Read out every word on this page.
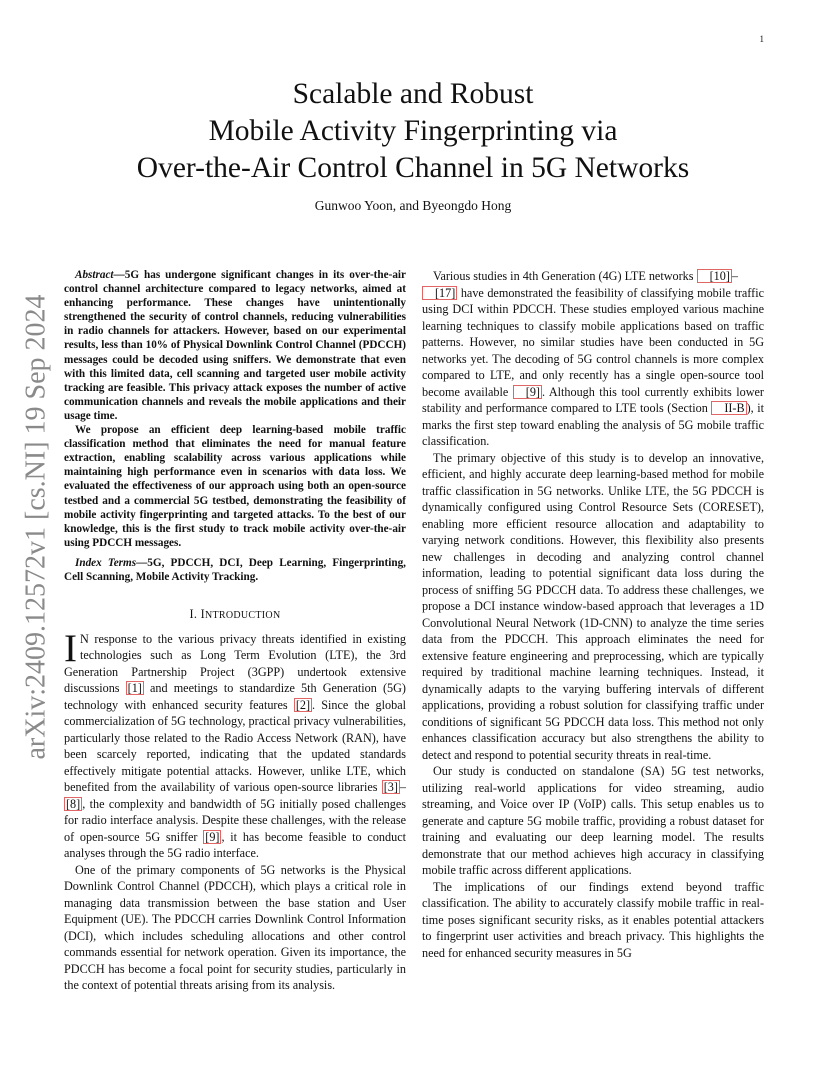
1
arXiv:2409.12572v1 [cs.NI] 19 Sep 2024
Scalable and Robust
Mobile Activity Fingerprinting via
Over-the-Air Control Channel in 5G Networks
Gunwoo Yoon, and Byeongdo Hong

Abstract—5G has undergone significant changes in its over-the-air control channel architecture compared to legacy networks, aimed at enhancing performance. These changes have unintentionally strengthened the security of control channels, reducing vulnerabilities in radio channels for attackers. However, based on our experimental results, less than 10% of Physical Downlink Control Channel (PDCCH) messages could be decoded using sniffers. We demonstrate that even with this limited data, cell scanning and targeted user mobile activity tracking are feasible. This privacy attack exposes the number of active communication channels and reveals the mobile applications and their usage time.

We propose an efficient deep learning-based mobile traffic classification method that eliminates the need for manual feature extraction, enabling scalability across various applications while maintaining high performance even in scenarios with data loss. We evaluated the effectiveness of our approach using both an open-source testbed and a commercial 5G testbed, demonstrating the feasibility of mobile activity fingerprinting and targeted attacks. To the best of our knowledge, this is the first study to track mobile activity over-the-air using PDCCH messages.

Index Terms—5G, PDCCH, DCI, Deep Learning, Fingerprinting, Cell Scanning, Mobile Activity Tracking.

I. INTRODUCTION

I N response to the various privacy threats identified in existing technologies such as Long Term Evolution (LTE), the 3rd Generation Partnership Project (3GPP) undertook extensive discussions [1] and meetings to standardize 5th Generation (5G) technology with enhanced security features [2] . Since the global commercialization of 5G technology, practical privacy vulnerabilities, particularly those related to the Radio Access Network (RAN), have been scarcely reported, indicating that the updated standards effectively mitigate potential attacks. However, unlike LTE, which benefited from the availability of various open-source libraries [3] –[8] , the complexity and bandwidth of 5G initially posed challenges for radio interface analysis. Despite these challenges, with the release of open-source 5G sniffer [9] , it has become feasible to conduct analyses through the 5G radio interface.

One of the primary components of 5G networks is the Physical Downlink Control Channel (PDCCH), which plays a critical role in managing data transmission between the base station and User Equipment (UE). The PDCCH carries Downlink Control Information (DCI), which includes scheduling allocations and other control commands essential for network operation. Given its importance, the PDCCH has become a focal point for security studies, particularly in the context of potential threats arising from its analysis.

Various studies in 4th Generation (4G) LTE networks [10] –
[17] have demonstrated the feasibility of classifying mobile traffic using DCI within PDCCH. These studies employed various machine learning techniques to classify mobile applications based on traffic patterns. However, no similar studies have been conducted in 5G networks yet. The decoding of 5G control channels is more complex compared to LTE, and only recently has a single open-source tool become available [9] . Although this tool currently exhibits lower stability and performance compared to LTE tools (Section II-B ), it marks the first step toward enabling the analysis of 5G mobile traffic classification.

The primary objective of this study is to develop an innovative, efficient, and highly accurate deep learning-based method for mobile traffic classification in 5G networks. Unlike LTE, the 5G PDCCH is dynamically configured using Control Resource Sets (CORESET), enabling more efficient resource allocation and adaptability to varying network conditions. However, this flexibility also presents new challenges in decoding and analyzing control channel information, leading to potential significant data loss during the process of sniffing 5G PDCCH data. To address these challenges, we propose a DCI instance window-based approach that leverages a 1D Convolutional Neural Network (1D-CNN) to analyze the time series data from the PDCCH. This approach eliminates the need for extensive feature engineering and preprocessing, which are typically required by traditional machine learning techniques. Instead, it dynamically adapts to the varying buffering intervals of different applications, providing a robust solution for classifying traffic under conditions of significant 5G PDCCH data loss. This method not only enhances classification accuracy but also strengthens the ability to detect and respond to potential security threats in real-time.

Our study is conducted on standalone (SA) 5G test networks, utilizing real-world applications for video streaming, audio streaming, and Voice over IP (VoIP) calls. This setup enables us to generate and capture 5G mobile traffic, providing a robust dataset for training and evaluating our deep learning model. The results demonstrate that our method achieves high accuracy in classifying mobile traffic across different applications.

The implications of our findings extend beyond traffic classification. The ability to accurately classify mobile traffic in real-time poses significant security risks, as it enables potential attackers to fingerprint user activities and breach privacy. This highlights the need for enhanced security measures in 5G
